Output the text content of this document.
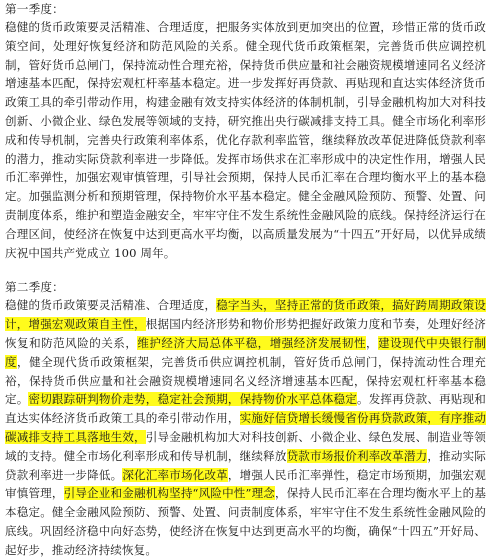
第一季度：

稳健的货币政策要灵活精准、合理适度，把服务实体放到更加突出的位置，珍惜正常的货币政策空间，处理好恢复经济和防范风险的关系。健全现代货币政策框架，完善货币供应调控机制，管好货币总闸门，保持流动性合理充裕，保持货币供应量和社会融资规模增速同名义经济增速基本匹配，保持宏观杠杆率基本稳定。进一步发挥好再贷款、再贴现和直达实体经济货币政策工具的牵引带动作用，构建金融有效支持实体经济的体制机制，引导金融机构加大对科技创新、小微企业、绿色发展等领域的支持，研究推出央行碳减排支持工具。健全市场化利率形成和传导机制，完善央行政策利率体系，优化存款利率监管，继续释放改革促进降低贷款利率的潜力，推动实际贷款利率进一步降低。发挥市场供求在汇率形成中的决定性作用，增强人民币汇率弹性，加强宏观审慎管理，引导社会预期，保持人民币汇率在合理均衡水平上的基本稳定。加强监测分析和预期管理，保持物价水平基本稳定。健全金融风险预防、预警、处置、问责制度体系，维护和塑造金融安全，牢牢守住不发生系统性金融风险的底线。保持经济运行在合理区间，使经济在恢复中达到更高水平均衡，以高质量发展为“十四五”开好局，以优异成绩庆祝中国共产党成立 100 周年。

第二季度：

稳健的货币政策要灵活精准、合理适度，稳字当头，坚持正常的货币政策，搞好跨周期政策设计，增强宏观政策自主性，根据国内经济形势和物价形势把握好政策力度和节奏，处理好经济恢复和防范风险的关系，维护经济大局总体平稳，增强经济发展韧性，建设现代中央银行制度，健全现代货币政策框架，完善货币供应调控机制，管好货币总闸门，保持流动性合理充裕，保持货币供应量和社会融资规模增速同名义经济增速基本匹配，保持宏观杠杆率基本稳定。密切跟踪研判物价走势，稳定社会预期，保持物价水平总体稳定。发挥再贷款、再贴现和直达实体经济货币政策工具的牵引带动作用，实施好信贷增长缓慢省份再贷款政策，有序推动碳减排支持工具落地生效，引导金融机构加大对科技创新、小微企业、绿色发展、制造业等领域的支持。健全市场化利率形成和传导机制，继续释放贷款市场报价利率改革潜力，推动实际贷款利率进一步降低。深化汇率市场化改革，增强人民币汇率弹性，稳定市场预期，加强宏观审慎管理，引导企业和金融机构坚持“风险中性”理念，保持人民币汇率在合理均衡水平上的基本稳定。健全金融风险预防、预警、处置、问责制度体系，牢牢守住不发生系统性金融风险的底线。巩固经济稳中向好态势，使经济在恢复中达到更高水平的均衡，确保“十四五”开好局、起好步，推动经济持续恢复。
